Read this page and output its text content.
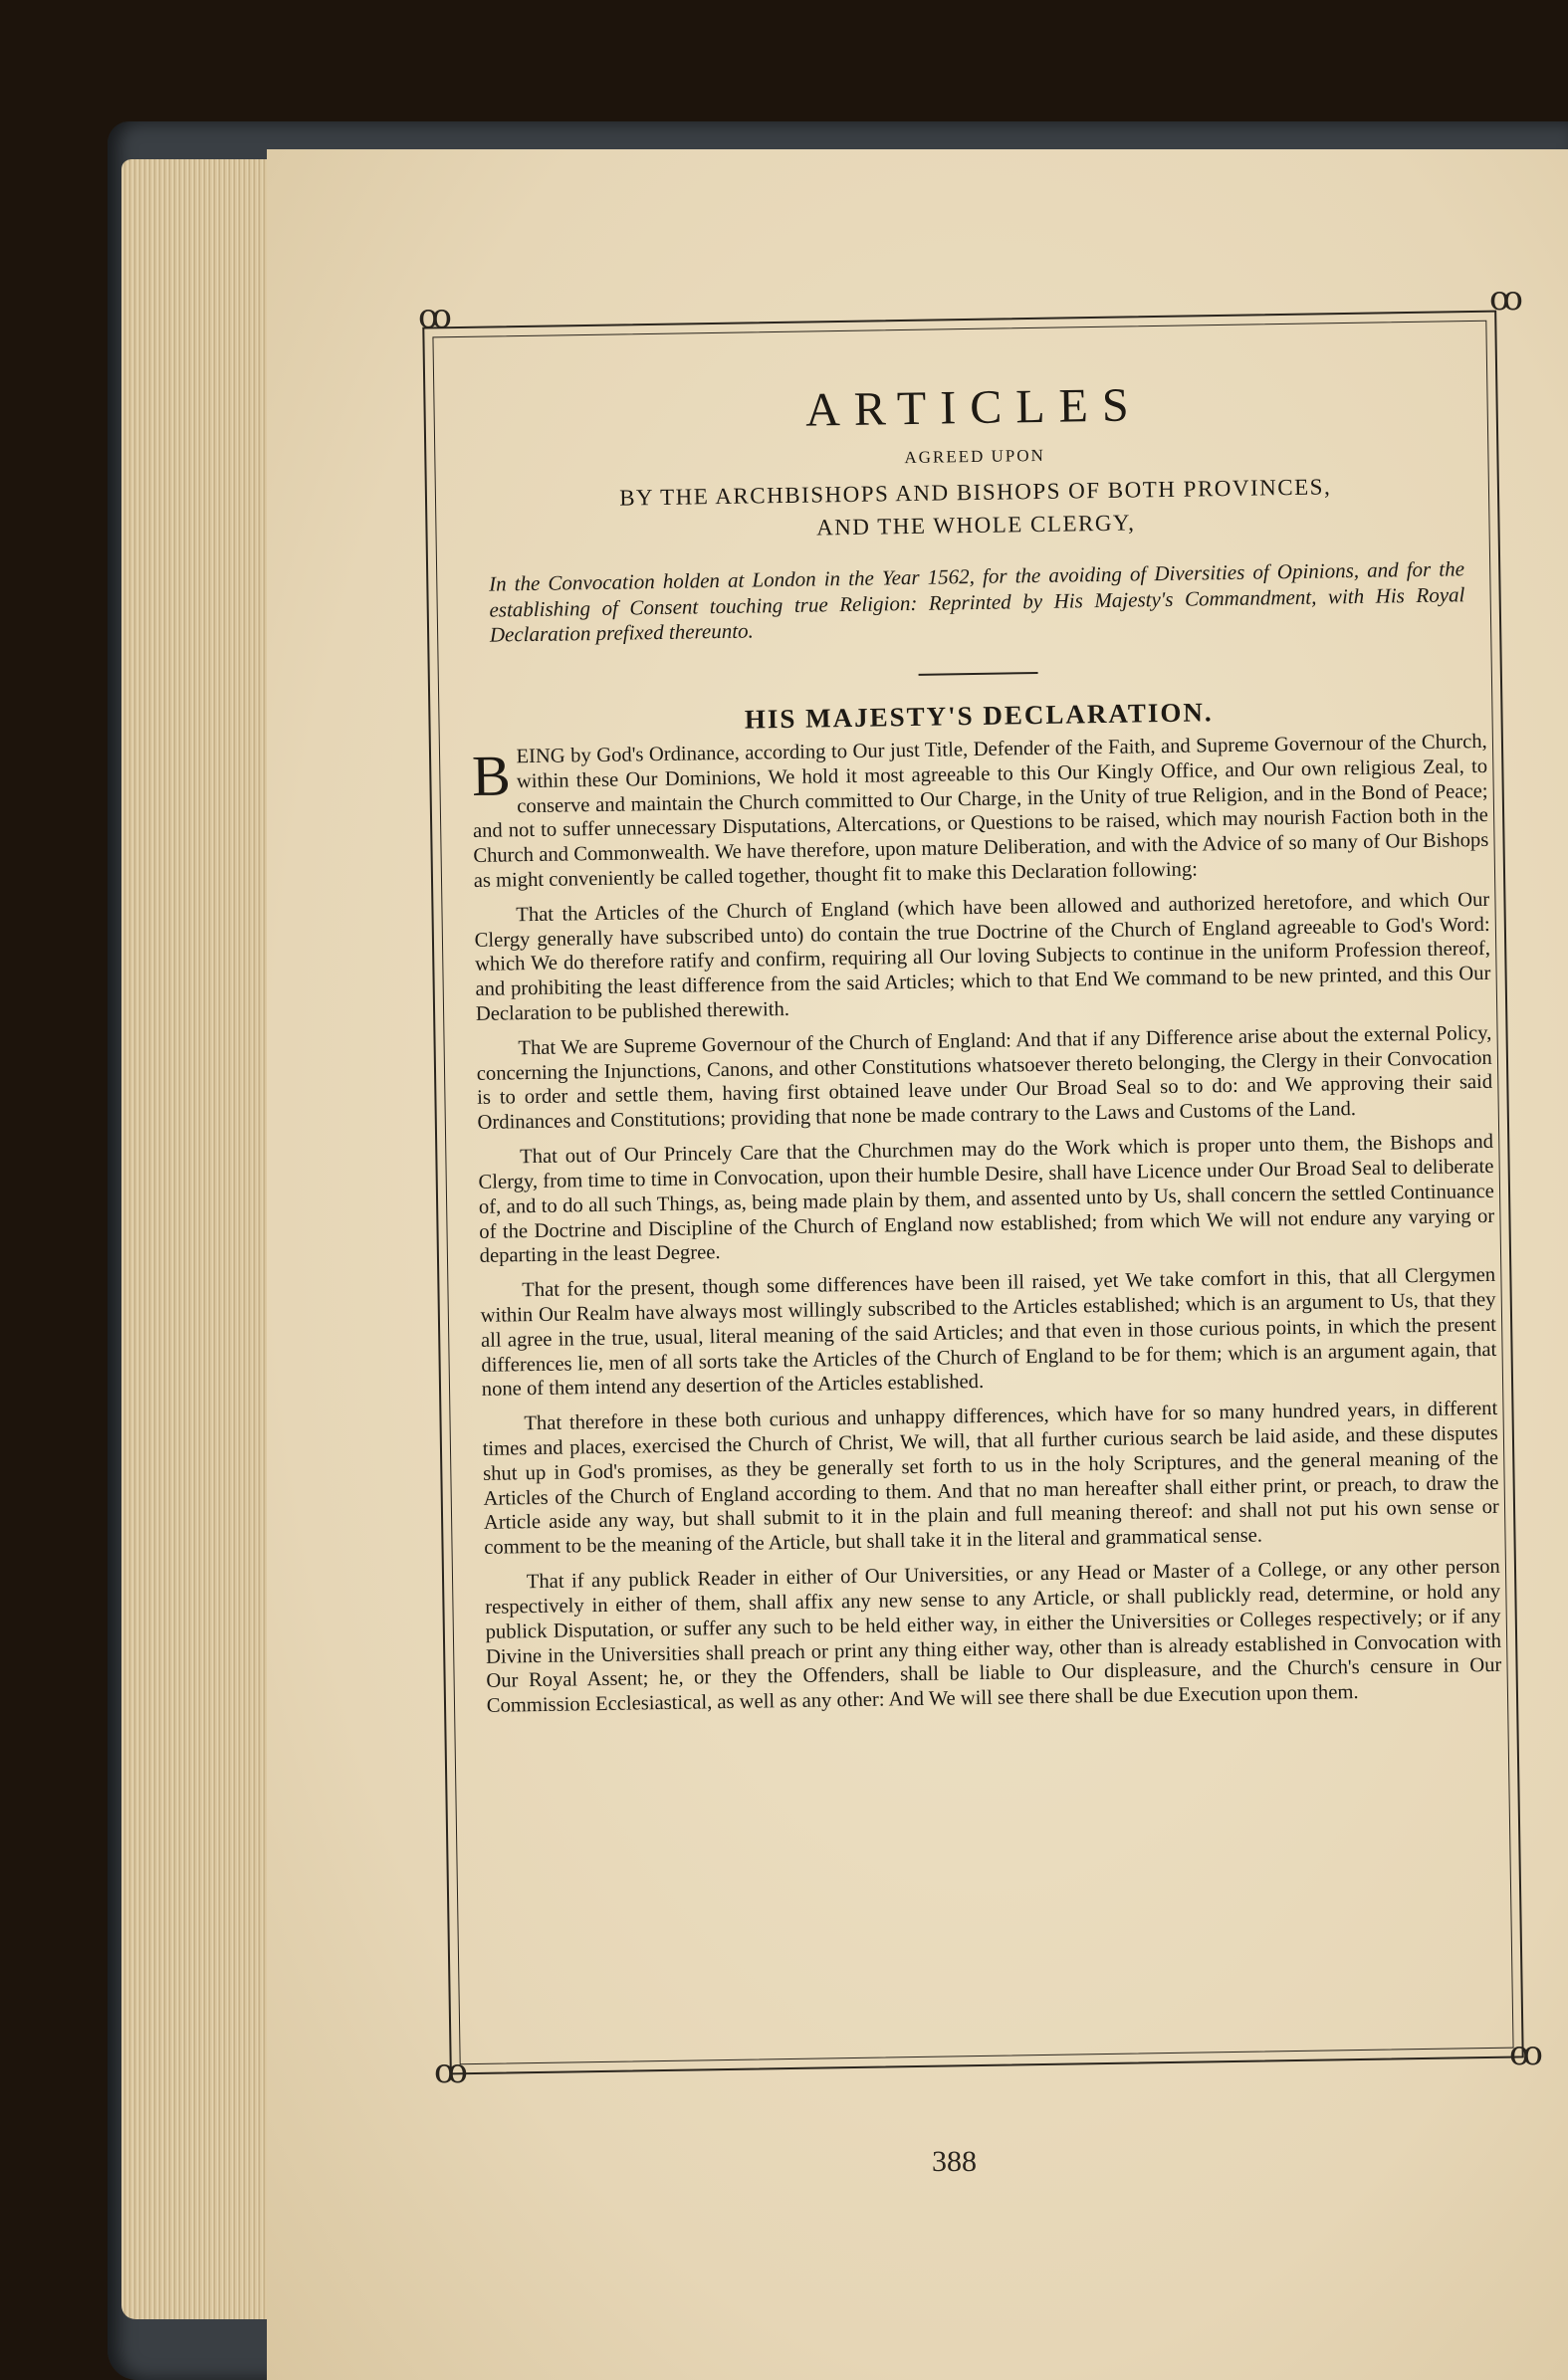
ꝏ	ꝏ
ꝏ	ꝏ
ARTICLES
AGREED UPON
BY THE ARCHBISHOPS AND BISHOPS OF BOTH PROVINCES,
AND THE WHOLE CLERGY,

In the Convocation holden at London in the Year 1562, for the avoiding of Diversities of Opinions, and for the establishing of Consent touching true Religion: Reprinted by His Majesty's Commandment, with His Royal Declaration prefixed thereunto.

HIS MAJESTY'S DECLARATION.

BEING by God's Ordinance, according to Our just Title, Defender of the Faith, and Supreme Governour of the Church, within these Our Dominions, We hold it most agreeable to this Our Kingly Office, and Our own religious Zeal, to conserve and maintain the Church committed to Our Charge, in the Unity of true Religion, and in the Bond of Peace; and not to suffer unnecessary Disputations, Altercations, or Questions to be raised, which may nourish Faction both in the Church and Commonwealth. We have therefore, upon mature Deliberation, and with the Advice of so many of Our Bishops as might conveniently be called together, thought fit to make this Declaration following:

That the Articles of the Church of England (which have been allowed and authorized heretofore, and which Our Clergy generally have subscribed unto) do contain the true Doctrine of the Church of England agreeable to God's Word: which We do therefore ratify and confirm, requiring all Our loving Subjects to continue in the uniform Profession thereof, and prohibiting the least difference from the said Articles; which to that End We command to be new printed, and this Our Declaration to be published therewith.

That We are Supreme Governour of the Church of England: And that if any Difference arise about the external Policy, concerning the Injunctions, Canons, and other Constitutions whatsoever thereto belonging, the Clergy in their Convocation is to order and settle them, having first obtained leave under Our Broad Seal so to do: and We approving their said Ordinances and Constitutions; providing that none be made contrary to the Laws and Customs of the Land.

That out of Our Princely Care that the Churchmen may do the Work which is proper unto them, the Bishops and Clergy, from time to time in Convocation, upon their humble Desire, shall have Licence under Our Broad Seal to deliberate of, and to do all such Things, as, being made plain by them, and assented unto by Us, shall concern the settled Continuance of the Doctrine and Discipline of the Church of England now established; from which We will not endure any varying or departing in the least Degree.

That for the present, though some differences have been ill raised, yet We take comfort in this, that all Clergymen within Our Realm have always most willingly subscribed to the Articles established; which is an argument to Us, that they all agree in the true, usual, literal meaning of the said Articles; and that even in those curious points, in which the present differences lie, men of all sorts take the Articles of the Church of England to be for them; which is an argument again, that none of them intend any desertion of the Articles established.

That therefore in these both curious and unhappy differences, which have for so many hundred years, in different times and places, exercised the Church of Christ, We will, that all further curious search be laid aside, and these disputes shut up in God's promises, as they be generally set forth to us in the holy Scriptures, and the general meaning of the Articles of the Church of England according to them. And that no man hereafter shall either print, or preach, to draw the Article aside any way, but shall submit to it in the plain and full meaning thereof: and shall not put his own sense or comment to be the meaning of the Article, but shall take it in the literal and grammatical sense.

That if any publick Reader in either of Our Universities, or any Head or Master of a College, or any other person respectively in either of them, shall affix any new sense to any Article, or shall publickly read, determine, or hold any publick Disputation, or suffer any such to be held either way, in either the Universities or Colleges respectively; or if any Divine in the Universities shall preach or print any thing either way, other than is already established in Convocation with Our Royal Assent; he, or they the Offenders, shall be liable to Our displeasure, and the Church's censure in Our Commission Ecclesiastical, as well as any other: And We will see there shall be due Execution upon them.

388
